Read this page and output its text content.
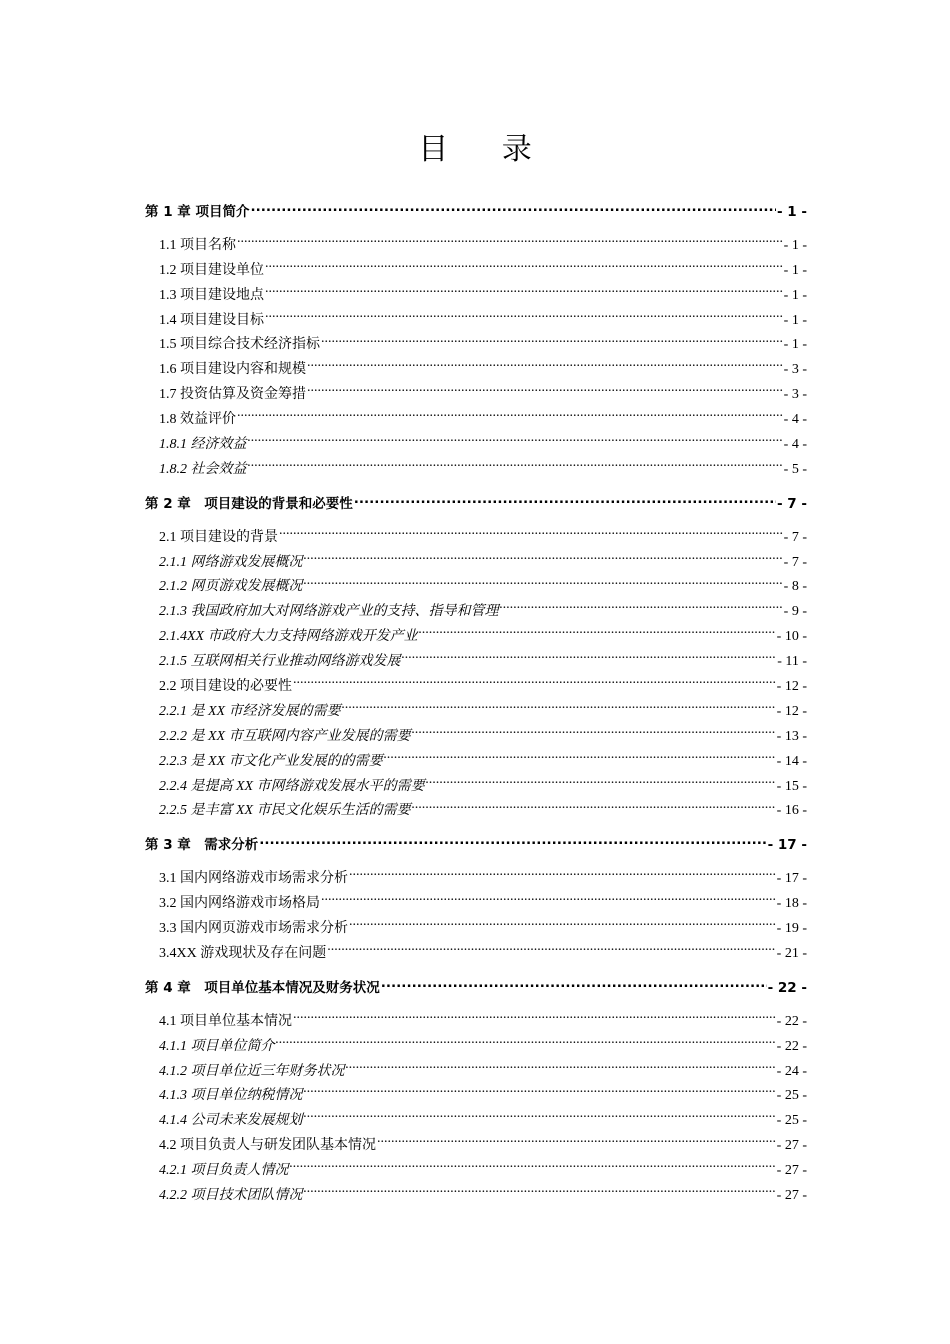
目 录
第 1 章 项目简介 .....	- 1 -
1.1 项目名称 .....	- 1 -
1.2 项目建设单位 .....	- 1 -
1.3 项目建设地点 .....	- 1 -
1.4 项目建设目标 .....	- 1 -
1.5 项目综合技术经济指标 .....	- 1 -
1.6 项目建设内容和规模 .....	- 3 -
1.7 投资估算及资金筹措 .....	- 3 -
1.8 效益评价 .....	- 4 -
1.8.1 经济效益 .....	- 4 -
1.8.2 社会效益 .....	- 5 -
第 2 章　项目建设的背景和必要性 .....	- 7 -
2.1 项目建设的背景 .....	- 7 -
2.1.1 网络游戏发展概况 .....	- 7 -
2.1.2 网页游戏发展概况 .....	- 8 -
2.1.3 我国政府加大对网络游戏产业的支持、指导和管理 .....	- 9 -
2.1.4XX 市政府大力支持网络游戏开发产业 .....	- 10 -
2.1.5 互联网相关行业推动网络游戏发展 .....	- 11 -
2.2 项目建设的必要性 .....	- 12 -
2.2.1 是 XX 市经济发展的需要 .....	- 12 -
2.2.2 是 XX 市互联网内容产业发展的需要 .....	- 13 -
2.2.3 是 XX 市文化产业发展的的需要 .....	- 14 -
2.2.4 是提高 XX 市网络游戏发展水平的需要 .....	- 15 -
2.2.5 是丰富 XX 市民文化娱乐生活的需要 .....	- 16 -
第 3 章　需求分析 .....	- 17 -
3.1 国内网络游戏市场需求分析 .....	- 17 -
3.2 国内网络游戏市场格局 .....	- 18 -
3.3 国内网页游戏市场需求分析 .....	- 19 -
3.4XX 游戏现状及存在问题 .....	- 21 -
第 4 章　项目单位基本情况及财务状况 .....	- 22 -
4.1 项目单位基本情况 .....	- 22 -
4.1.1 项目单位简介 .....	- 22 -
4.1.2 项目单位近三年财务状况 .....	- 24 -
4.1.3 项目单位纳税情况 .....	- 25 -
4.1.4 公司未来发展规划 .....	- 25 -
4.2 项目负责人与研发团队基本情况 .....	- 27 -
4.2.1 项目负责人情况 .....	- 27 -
4.2.2 项目技术团队情况 .....	- 27 -
